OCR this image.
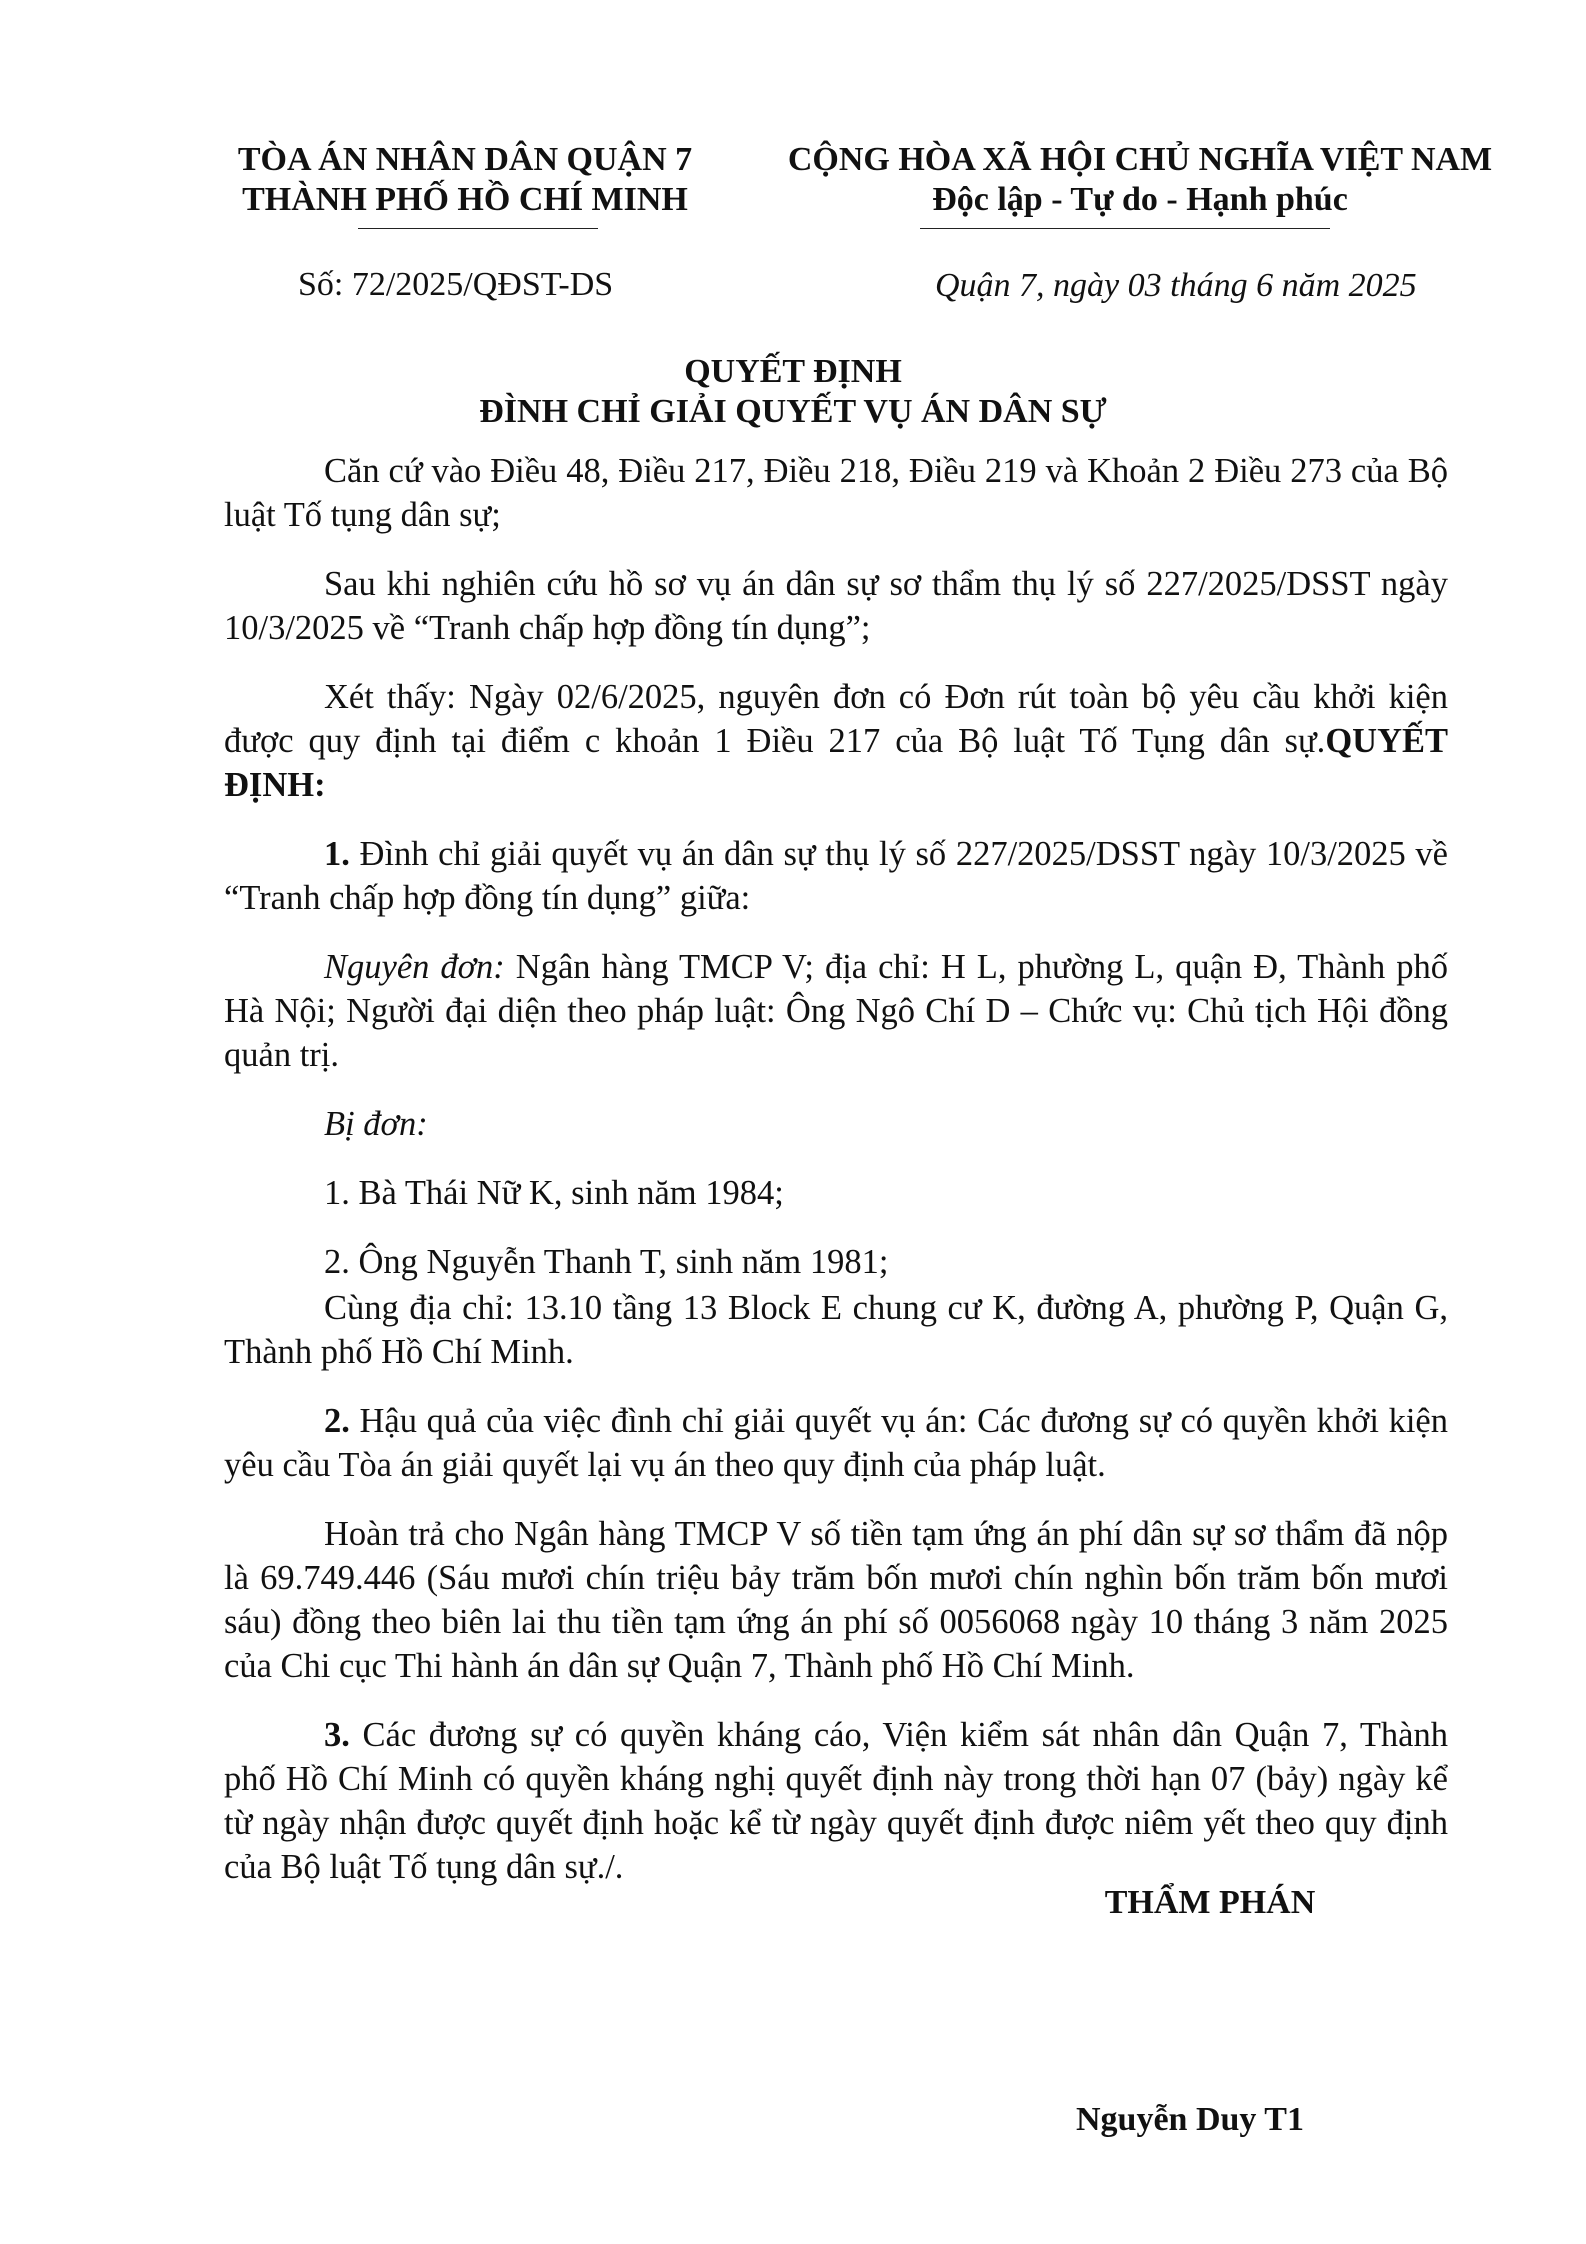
TÒA ÁN NHÂN DÂN QUẬN 7
THÀNH PHỐ HỒ CHÍ MINH
CỘNG HÒA XÃ HỘI CHỦ NGHĨA VIỆT NAM
Độc lập - Tự do - Hạnh phúc
Số: 72/2025/QĐST-DS	Quận 7, ngày 03 tháng 6 năm 2025
QUYẾT ĐỊNH
ĐÌNH CHỈ GIẢI QUYẾT VỤ ÁN DÂN SỰ

Căn cứ vào Điều 48, Điều 217, Điều 218, Điều 219 và Khoản 2 Điều 273 của Bộ luật Tố tụng dân sự;

Sau khi nghiên cứu hồ sơ vụ án dân sự sơ thẩm thụ lý số 227/2025/DSST ngày 10/3/2025 về “Tranh chấp hợp đồng tín dụng”;

Xét thấy: Ngày 02/6/2025, nguyên đơn có Đơn rút toàn bộ yêu cầu khởi kiện được quy định tại điểm c khoản 1 Điều 217 của Bộ luật Tố Tụng dân sự.QUYẾT ĐỊNH:

1. Đình chỉ giải quyết vụ án dân sự thụ lý số 227/2025/DSST ngày 10/3/2025 về “Tranh chấp hợp đồng tín dụng” giữa:

Nguyên đơn: Ngân hàng TMCP V; địa chỉ: H L, phường L, quận Đ, Thành phố Hà Nội; Người đại diện theo pháp luật: Ông Ngô Chí D – Chức vụ: Chủ tịch Hội đồng quản trị.

Bị đơn:

1. Bà Thái Nữ K, sinh năm 1984;

2. Ông Nguyễn Thanh T, sinh năm 1981;

Cùng địa chỉ: 13.10 tầng 13 Block E chung cư K, đường A, phường P, Quận G, Thành phố Hồ Chí Minh.

2. Hậu quả của việc đình chỉ giải quyết vụ án: Các đương sự có quyền khởi kiện yêu cầu Tòa án giải quyết lại vụ án theo quy định của pháp luật.

Hoàn trả cho Ngân hàng TMCP V số tiền tạm ứng án phí dân sự sơ thẩm đã nộp là 69.749.446 (Sáu mươi chín triệu bảy trăm bốn mươi chín nghìn bốn trăm bốn mươi sáu) đồng theo biên lai thu tiền tạm ứng án phí số 0056068 ngày 10 tháng 3 năm 2025 của Chi cục Thi hành án dân sự Quận 7, Thành phố Hồ Chí Minh.

3. Các đương sự có quyền kháng cáo, Viện kiểm sát nhân dân Quận 7, Thành phố Hồ Chí Minh có quyền kháng nghị quyết định này trong thời hạn 07 (bảy) ngày kể từ ngày nhận được quyết định hoặc kể từ ngày quyết định được niêm yết theo quy định của Bộ luật Tố tụng dân sự./.

THẨM PHÁN
Nguyễn Duy T1
